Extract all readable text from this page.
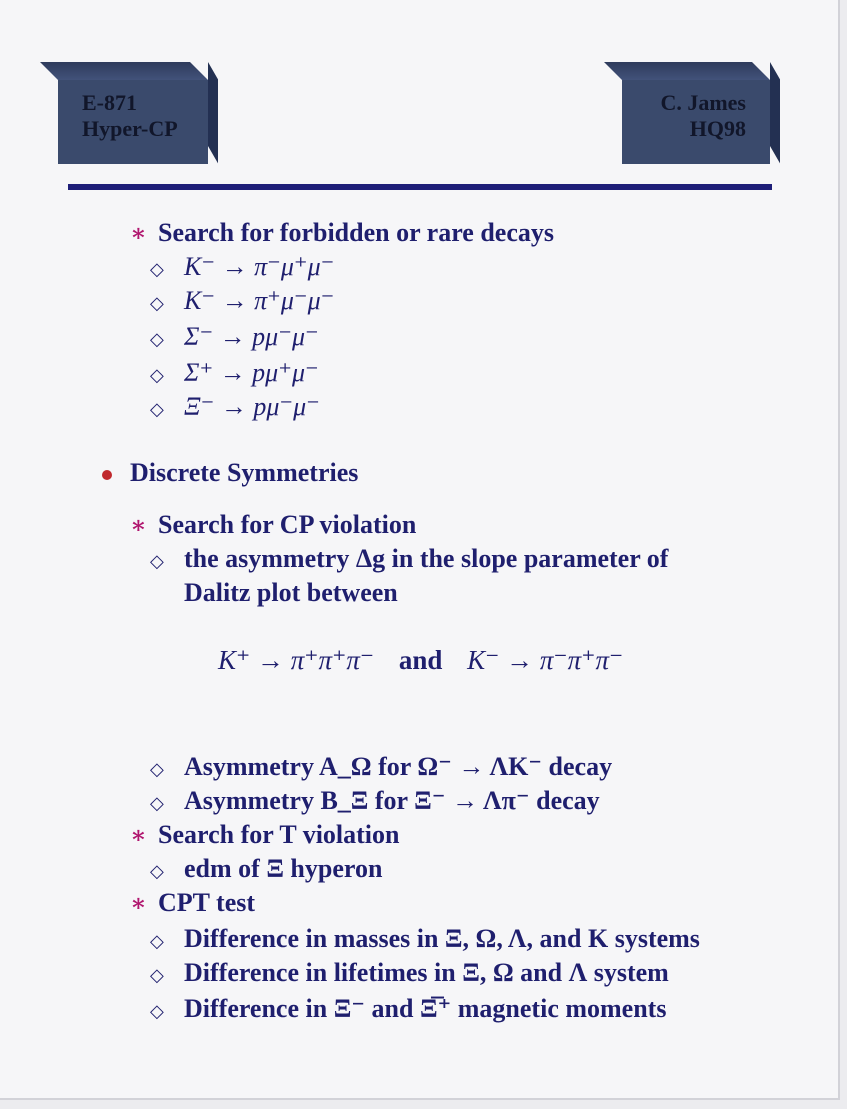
E-871
Hyper-CP
C. James
HQ98
∗ Search for forbidden or rare decays
◇ K⁻ → π⁻μ⁺μ⁻
◇ K⁻ → π⁺μ⁻μ⁻
◇ Σ⁻ → pμ⁻μ⁻
◇ Σ⁺ → pμ⁺μ⁻
◇ Ξ⁻ → pμ⁻μ⁻
Discrete Symmetries
∗ Search for CP violation
◇ the asymmetry Δg in the slope parameter of
Dalitz plot between
K⁺ → π⁺π⁺π⁻ and K⁻ → π⁻π⁺π⁻
◇ Asymmetry A_Ω for Ω⁻ → ΛK⁻ decay
◇ Asymmetry B_Ξ for Ξ⁻ → Λπ⁻ decay
∗ Search for T violation
◇ edm of Ξ hyperon
∗ CPT test
◇ Difference in masses in Ξ, Ω, Λ, and K systems
◇ Difference in lifetimes in Ξ, Ω and Λ system
◇ Difference in Ξ⁻ and Ξ̅⁺ magnetic moments
